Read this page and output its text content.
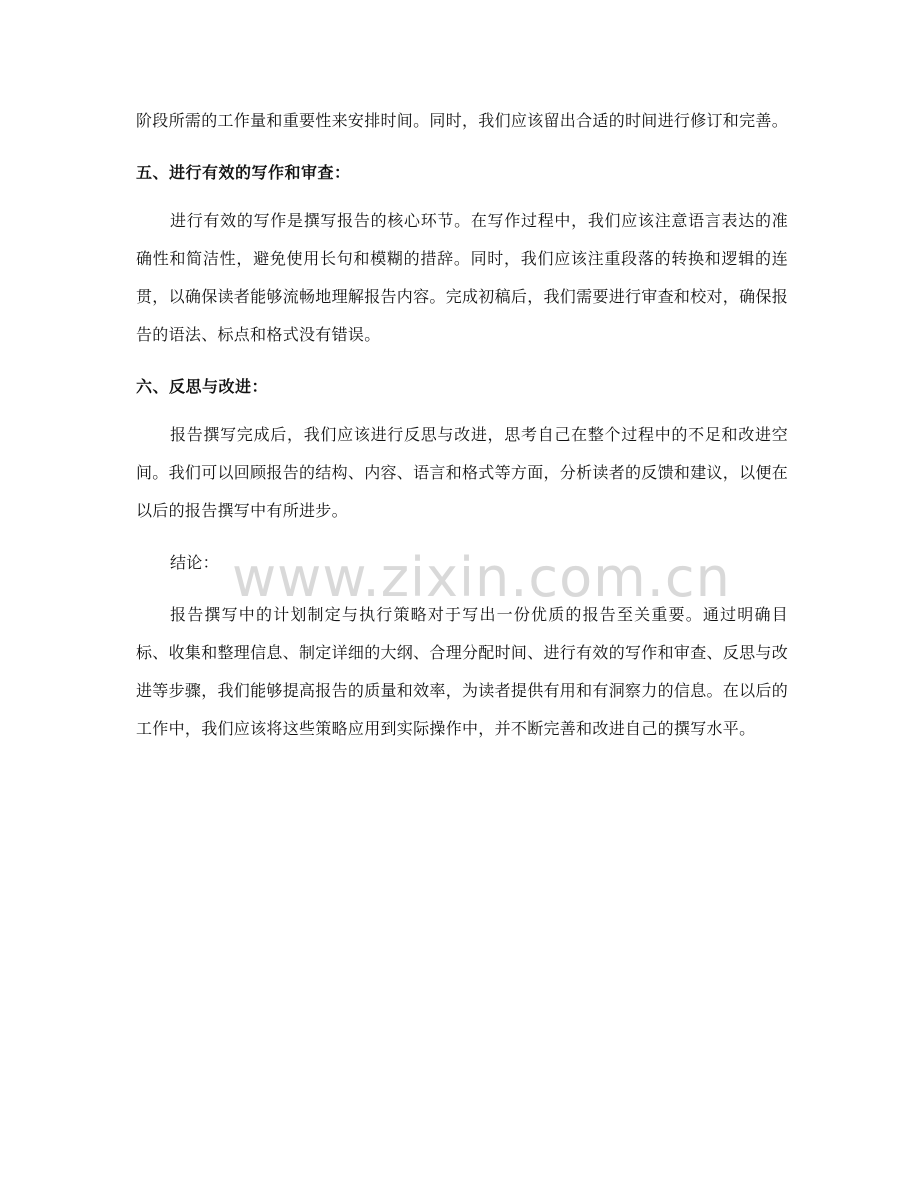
阶段所需的工作量和重要性来安排时间。同时，我们应该留出合适的时间进行修订和完善。

五、进行有效的写作和审查：

进行有效的写作是撰写报告的核心环节。在写作过程中，我们应该注意语言表达的准确性和简洁性，避免使用长句和模糊的措辞。同时，我们应该注重段落的转换和逻辑的连贯，以确保读者能够流畅地理解报告内容。完成初稿后，我们需要进行审查和校对，确保报告的语法、标点和格式没有错误。

六、反思与改进：

报告撰写完成后，我们应该进行反思与改进，思考自己在整个过程中的不足和改进空间。我们可以回顾报告的结构、内容、语言和格式等方面，分析读者的反馈和建议，以便在以后的报告撰写中有所进步。

结论：

报告撰写中的计划制定与执行策略对于写出一份优质的报告至关重要。通过明确目标、收集和整理信息、制定详细的大纲、合理分配时间、进行有效的写作和审查、反思与改进等步骤，我们能够提高报告的质量和效率，为读者提供有用和有洞察力的信息。在以后的工作中，我们应该将这些策略应用到实际操作中，并不断完善和改进自己的撰写水平。

www.zixin.com.cn
